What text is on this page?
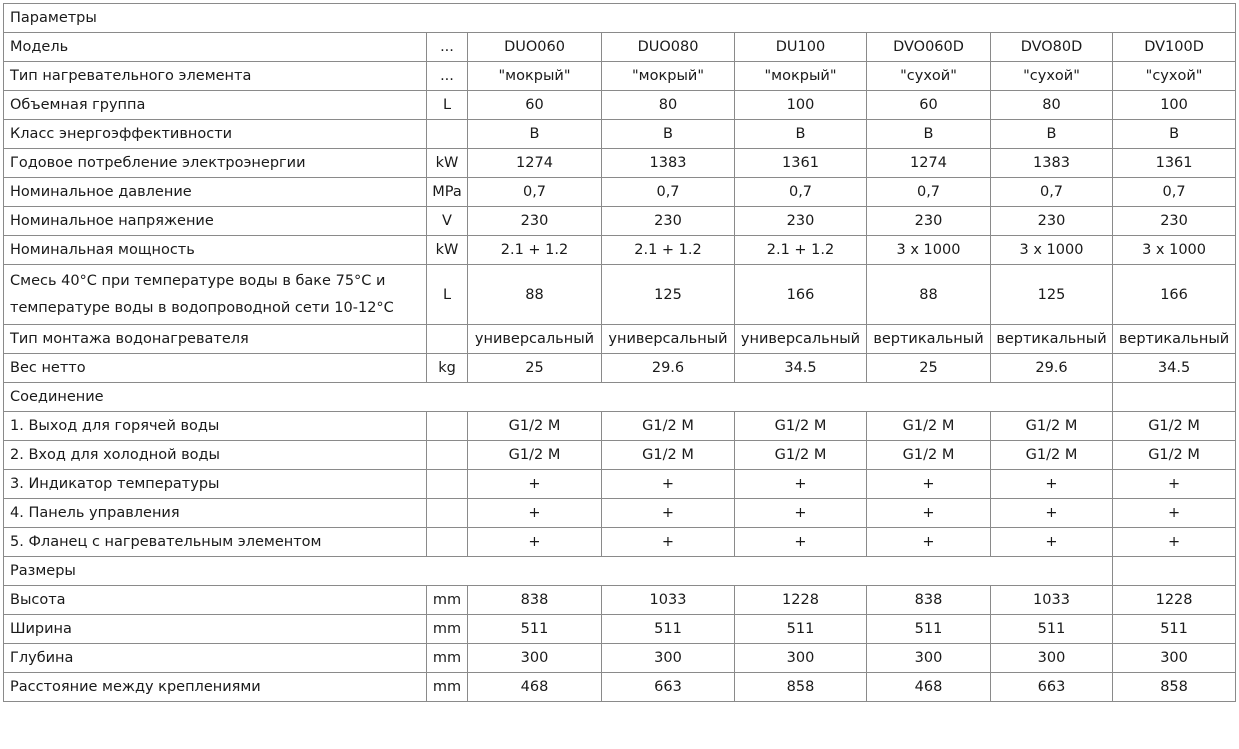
Параметры							
Модель	...	DUO060	DUO080	DU100	DVO060D	DVO80D	DV100D
Тип нагревательного элемента	...	"мокрый"	"мокрый"	"мокрый"	"сухой"	"сухой"	"сухой"
Объемная группа	L	60	80	100	60	80	100
Класс энергоэффективности		B	B	B	B	B	B
Годовое потребление электроэнергии	kW	1274	1383	1361	1274	1383	1361
Номинальное давление	MPa	0,7	0,7	0,7	0,7	0,7	0,7
Номинальное напряжение	V	230	230	230	230	230	230
Номинальная мощность	kW	2.1 + 1.2	2.1 + 1.2	2.1 + 1.2	3 x 1000	3 x 1000	3 x 1000
Смесь 40°С при температуре воды в баке 75°С и температуре воды в водопроводной сети 10-12°С	L	88	125	166	88	125	166
Тип монтажа водонагревателя		универсальный	универсальный	универсальный	вертикальный	вертикальный	вертикальный
Вес нетто	kg	25	29.6	34.5	25	29.6	34.5
Соединение							
1. Выход для горячей воды		G1/2 M	G1/2 M	G1/2 M	G1/2 M	G1/2 M	G1/2 M
2. Вход для холодной воды		G1/2 M	G1/2 M	G1/2 M	G1/2 M	G1/2 M	G1/2 M
3. Индикатор температуры		+	+	+	+	+	+
4. Панель управления		+	+	+	+	+	+
5. Фланец с нагревательным элементом		+	+	+	+	+	+
Размеры							
Высота	mm	838	1033	1228	838	1033	1228
Ширина	mm	511	511	511	511	511	511
Глубина	mm	300	300	300	300	300	300
Расстояние между креплениями	mm	468	663	858	468	663	858
